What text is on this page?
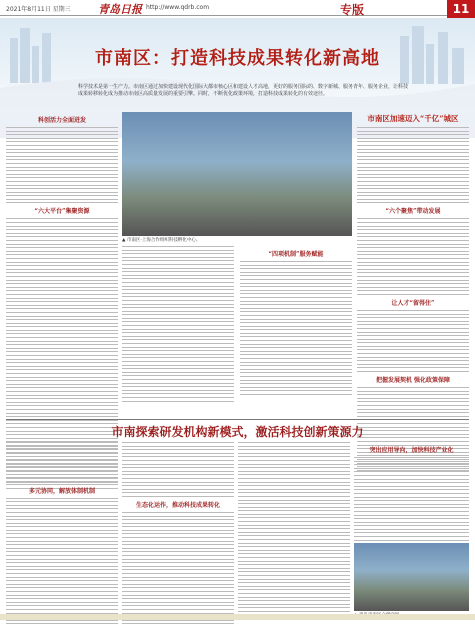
2021年8月11日 星期三 青岛日报 http://www.qdrb.com	专版	11
市南区：打造科技成果转化新高地
科学技术是第一生产力。市南区通过加快建设现代化国际大都市核心区和建设人才高地，更好的服务国际的、数字新城、服务青年、服务企业，让科技成果转移转化成为推动市南区高质量发展的重要引擎。同时，不断优化政策环境，打造科技成果转化的有效途径。
科创活力全面迸发
“六大平台”集聚资源
▲ 市南区·上海合作组织科技孵化中心。
“四项机制”服务赋能
市南区加速迈入“千亿”城区
“六个聚焦”带动发展
让人才“留得住”
把握发展契机 强化政策保障
市南探索研发机构新模式，激活科技创新策源力
多元协同，解放体制机制
生态化运作，推动科技成果转化
突出应用导向，加快科技产业化
